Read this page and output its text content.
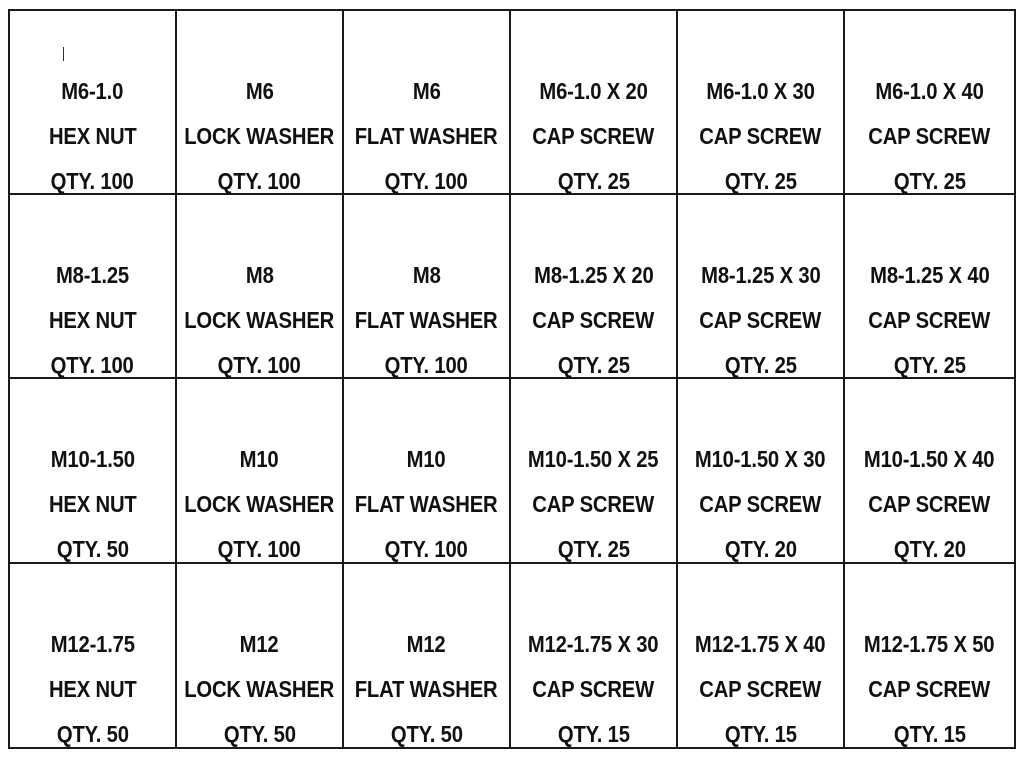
M6-1.0
HEX NUT
QTY. 100
M6
LOCK WASHER
QTY. 100
M6
FLAT WASHER
QTY. 100
M6-1.0 X 20
CAP SCREW
QTY. 25
M6-1.0 X 30
CAP SCREW
QTY. 25
M6-1.0 X 40
CAP SCREW
QTY. 25
M8-1.25
HEX NUT
QTY. 100
M8
LOCK WASHER
QTY. 100
M8
FLAT WASHER
QTY. 100
M8-1.25 X 20
CAP SCREW
QTY. 25
M8-1.25 X 30
CAP SCREW
QTY. 25
M8-1.25 X 40
CAP SCREW
QTY. 25
M10-1.50
HEX NUT
QTY. 50
M10
LOCK WASHER
QTY. 100
M10
FLAT WASHER
QTY. 100
M10-1.50 X 25
CAP SCREW
QTY. 25
M10-1.50 X 30
CAP SCREW
QTY. 20
M10-1.50 X 40
CAP SCREW
QTY. 20
M12-1.75
HEX NUT
QTY. 50
M12
LOCK WASHER
QTY. 50
M12
FLAT WASHER
QTY. 50
M12-1.75 X 30
CAP SCREW
QTY. 15
M12-1.75 X 40
CAP SCREW
QTY. 15
M12-1.75 X 50
CAP SCREW
QTY. 15
